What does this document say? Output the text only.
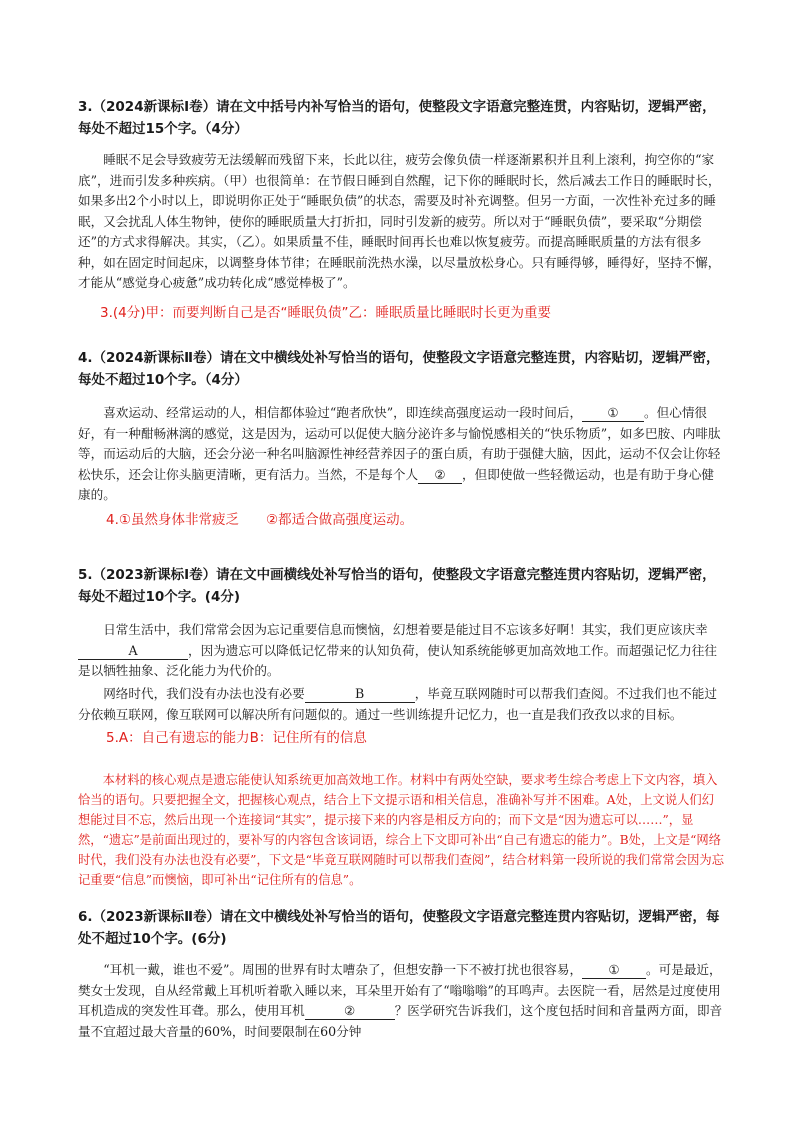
3.（2024新课标Ⅰ卷）请在文中括号内补写恰当的语句，使整段文字语意完整连贯，内容贴切，逻辑严密，每处不超过15个字。（4分）

睡眠不足会导致疲劳无法缓解而残留下来，长此以往，疲劳会像负债一样逐渐累积并且利上滚利，拘空你的“家底”，进而引发多种疾病。（甲）也很简单：在节假日睡到自然醒，记下你的睡眠时长，然后减去工作日的睡眠时长，如果多出2个小时以上，即说明你正处于“睡眠负债”的状态，需要及时补充调整。但另一方面，一次性补充过多的睡眠，又会扰乱人体生物钟，使你的睡眠质量大打折扣，同时引发新的疲劳。所以对于“睡眠负债”，要采取“分期偿还”的方式求得解决。其实，（乙）。如果质量不佳，睡眠时间再长也难以恢复疲劳。而提高睡眠质量的方法有很多种，如在固定时间起床，以调整身体节律；在睡眠前洗热水澡，以尽量放松身心。只有睡得够，睡得好，坚持不懈，才能从“感觉身心疲惫”成功转化成“感觉棒极了”。

3.(4分)甲：而要判断自己是否“睡眠负债”乙：睡眠质量比睡眠时长更为重要

4.（2024新课标Ⅱ卷）请在文中横线处补写恰当的语句，使整段文字语意完整连贯，内容贴切，逻辑严密，每处不超过10个字。（4分）

喜欢运动、经常运动的人，相信都体验过“跑者欣快”，即连续高强度运动一段时间后， ① 。但心情很好，有一种酣畅淋漓的感觉，这是因为，运动可以促使大脑分泌许多与愉悦感相关的“快乐物质”，如多巴胺、内啡肽等，而运动后的大脑，还会分泌一种名叫脑源性神经营养因子的蛋白质，有助于强健大脑，因此，运动不仅会让你轻松快乐，还会让你头脑更清晰，更有活力。当然，不是每个人 ② ，但即使做一些轻微运动，也是有助于身心健康的。

4.①虽然身体非常疲乏　　②都适合做高强度运动。

5.（2023新课标Ⅰ卷）请在文中画横线处补写恰当的语句，使整段文字语意完整连贯内容贴切，逻辑严密，每处不超过10个字。(4分)

日常生活中，我们常常会因为忘记重要信息而懊恼，幻想着要是能过目不忘该多好啊！其实，我们更应该庆幸A	，因为遗忘可以降低记忆带来的认知负荷，使认知系统能够更加高效地工作。而超强记忆力往往是以牺牲抽象、泛化能力为代价的。

网络时代，我们没有办法也没有必要	B	，毕竟互联网随时可以帮我们查阅。不过我们也不能过分依赖互联网，像互联网可以解决所有问题似的。通过一些训练提升记忆力，也一直是我们孜孜以求的目标。

5.A：自己有遗忘的能力B：记住所有的信息

本材料的核心观点是遗忘能使认知系统更加高效地工作。材料中有两处空缺，要求考生综合考虑上下文内容，填入恰当的语句。只要把握全文，把握核心观点，结合上下文提示语和相关信息，准确补写并不困难。A处，上文说人们幻想能过目不忘，然后出现一个连接词“其实”，提示接下来的内容是相反方向的；而下文是“因为遗忘可以……”，显然，“遗忘”是前面出现过的，要补写的内容包含该词语，综合上下文即可补出“自己有遗忘的能力”。B处，上文是“网络时代，我们没有办法也没有必要”，下文是“毕竟互联网随时可以帮我们查阅”，结合材料第一段所说的我们常常会因为忘记重要“信息”而懊恼，即可补出“记住所有的信息”。

6.（2023新课标Ⅱ卷）请在文中横线处补写恰当的语句，使整段文字语意完整连贯内容贴切，逻辑严密，每处不超过10个字。(6分)

“耳机一戴，谁也不爱”。周围的世界有时太嘈杂了，但想安静一下不被打扰也很容易， ① 。可是最近，樊女士发现，自从经常戴上耳机听着歌入睡以来，耳朵里开始有了“嗡嗡嗡”的耳鸣声。去医院一看，居然是过度使用耳机造成的突发性耳聋。那么，使用耳机	②	？医学研究告诉我们，这个度包括时间和音量两方面，即音量不宜超过最大音量的60%，时间要限制在60分钟
